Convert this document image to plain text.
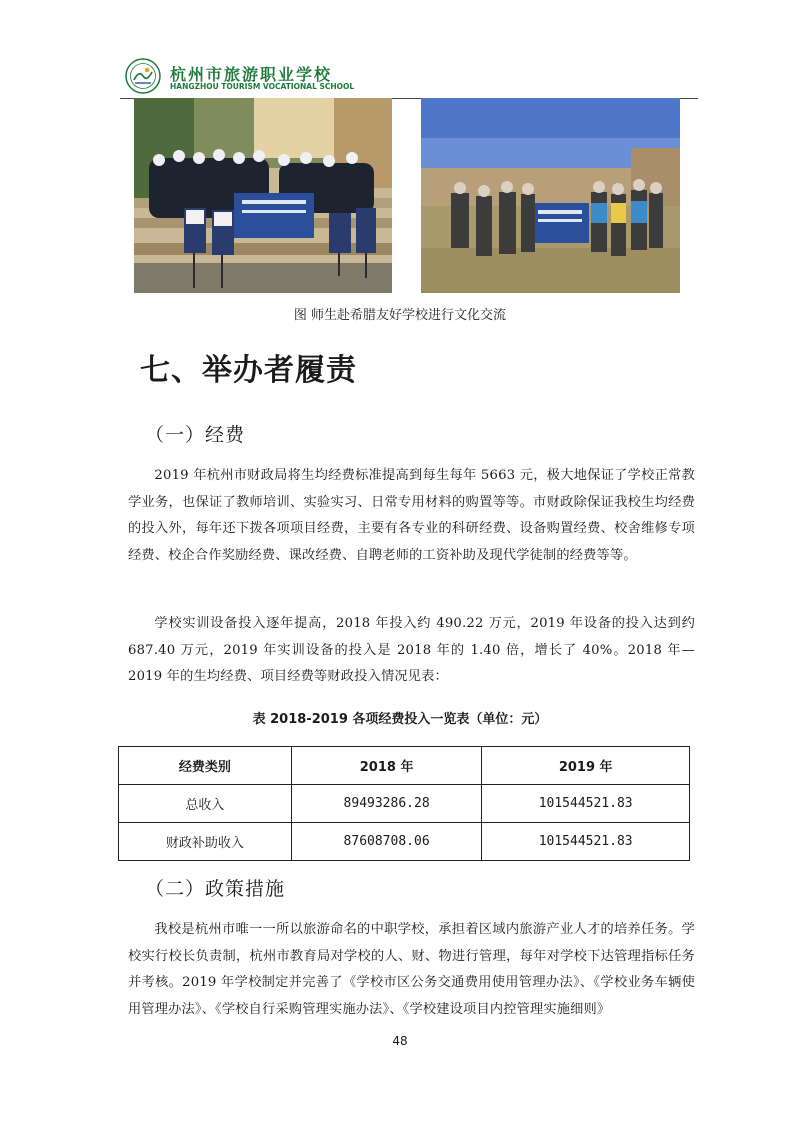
杭州市旅游职业学校
HANGZHOU TOURISM VOCATIONAL SCHOOL
图 师生赴希腊友好学校进行文化交流
七、举办者履责
（一）经费
2019 年杭州市财政局将生均经费标准提高到每生每年 5663 元，极大地保证了学校正常教学业务，也保证了教师培训、实验实习、日常专用材料的购置等等。市财政除保证我校生均经费的投入外，每年还下拨各项项目经费，主要有各专业的科研经费、设备购置经费、校舍维修专项经费、校企合作奖励经费、课改经费、自聘老师的工资补助及现代学徒制的经费等等。
学校实训设备投入逐年提高，2018 年投入约 490.22 万元，2019 年设备的投入达到约 687.40 万元，2019 年实训设备的投入是 2018 年的 1.40 倍，增长了 40%。2018 年—2019 年的生均经费、项目经费等财政投入情况见表：
表 2018-2019 各项经费投入一览表（单位：元）
经费类别	2018 年	2019 年
总收入	89493286.28	101544521.83
财政补助收入	87608708.06	101544521.83
（二）政策措施
我校是杭州市唯一一所以旅游命名的中职学校，承担着区域内旅游产业人才的培养任务。学校实行校长负责制，杭州市教育局对学校的人、财、物进行管理，每年对学校下达管理指标任务并考核。2019 年学校制定并完善了《学校市区公务交通费用使用管理办法》、《学校业务车辆使用管理办法》、《学校自行采购管理实施办法》、《学校建设项目内控管理实施细则》
48
